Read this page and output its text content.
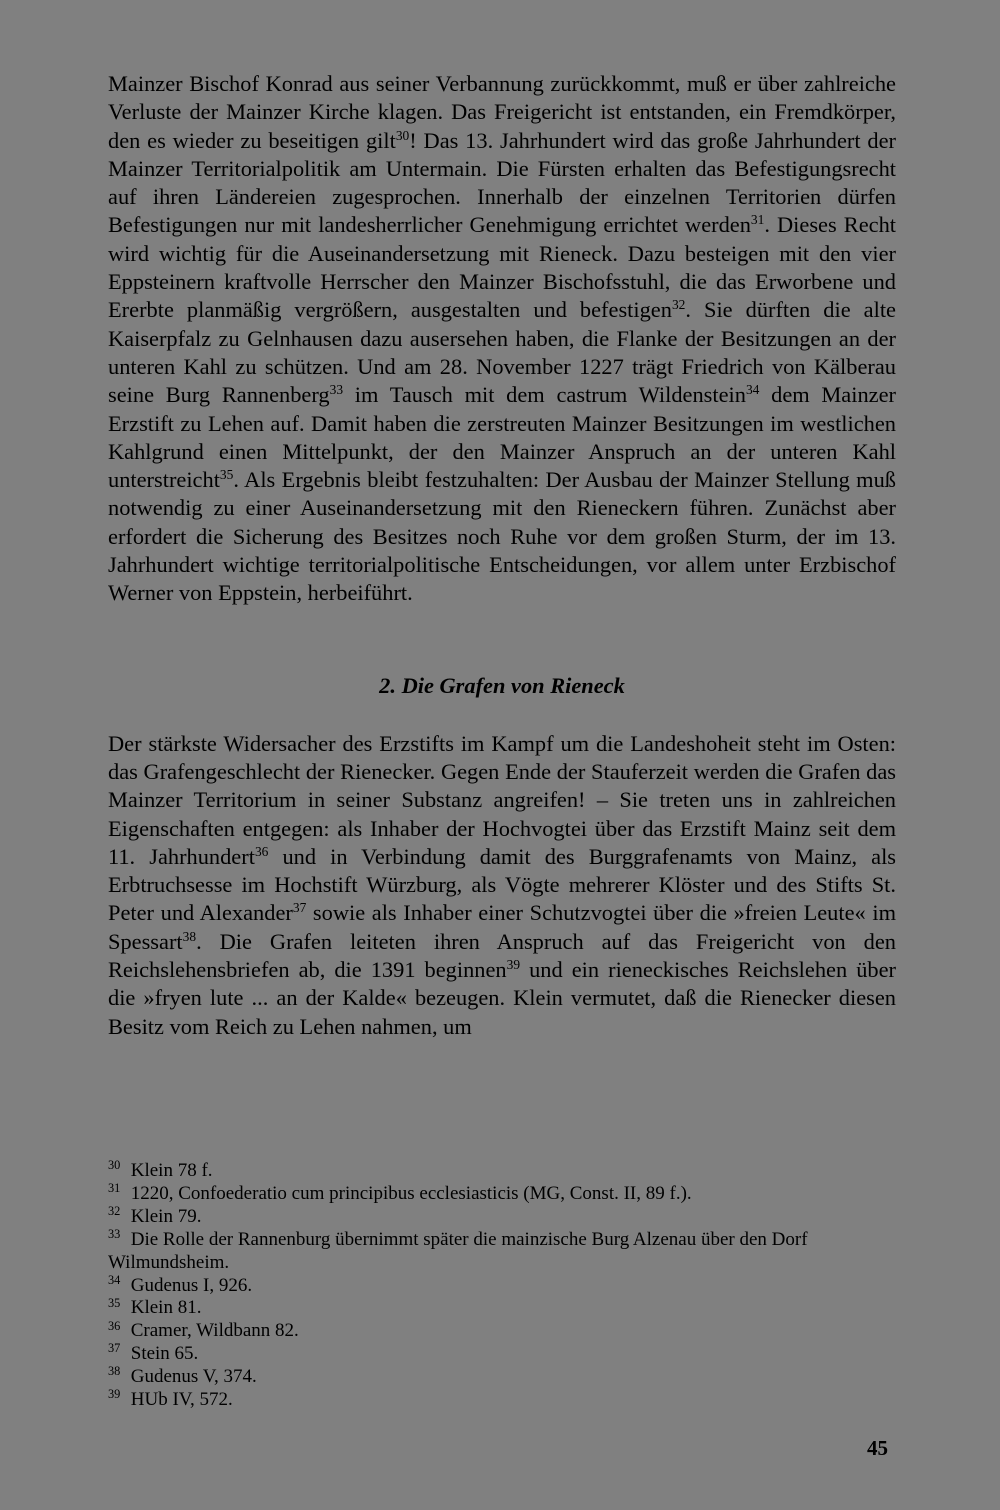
Mainzer Bischof Konrad aus seiner Verbannung zurückkommt, muß er über zahlreiche Verluste der Mainzer Kirche klagen. Das Freigericht ist entstanden, ein Fremdkörper, den es wieder zu beseitigen gilt$^{30}$! Das 13. Jahrhundert wird das große Jahrhundert der Mainzer Territorialpolitik am Untermain. Die Fürsten erhalten das Befestigungsrecht auf ihren Ländereien zugesprochen. Innerhalb der einzelnen Territorien dürfen Befestigungen nur mit landesherrlicher Genehmigung errichtet werden$^{31}$. Dieses Recht wird wichtig für die Auseinandersetzung mit Rieneck. Dazu besteigen mit den vier Eppsteinern kraftvolle Herrscher den Mainzer Bischofsstuhl, die das Erworbene und Ererbte planmäßig vergrößern, ausgestalten und befestigen$^{32}$. Sie dürften die alte Kaiserpfalz zu Gelnhausen dazu ausersehen haben, die Flanke der Besitzungen an der unteren Kahl zu schützen. Und am 28. November 1227 trägt Friedrich von Kälberau seine Burg Rannenberg$^{33}$ im Tausch mit dem castrum Wildenstein$^{34}$ dem Mainzer Erzstift zu Lehen auf. Damit haben die zerstreuten Mainzer Besitzungen im westlichen Kahlgrund einen Mittelpunkt, der den Mainzer Anspruch an der unteren Kahl unterstreicht$^{35}$. Als Ergebnis bleibt festzuhalten: Der Ausbau der Mainzer Stellung muß notwendig zu einer Auseinandersetzung mit den Rieneckern führen. Zunächst aber erfordert die Sicherung des Besitzes noch Ruhe vor dem großen Sturm, der im 13. Jahrhundert wichtige territorialpolitische Entscheidungen, vor allem unter Erzbischof Werner von Eppstein, herbeiführt.

2. Die Grafen von Rieneck

Der stärkste Widersacher des Erzstifts im Kampf um die Landeshoheit steht im Osten: das Grafengeschlecht der Rienecker. Gegen Ende der Stauferzeit werden die Grafen das Mainzer Territorium in seiner Substanz angreifen! – Sie treten uns in zahlreichen Eigenschaften entgegen: als Inhaber der Hochvogtei über das Erzstift Mainz seit dem 11. Jahrhundert$^{36}$ und in Verbindung damit des Burggrafenamts von Mainz, als Erbtruchsesse im Hochstift Würzburg, als Vögte mehrerer Klöster und des Stifts St. Peter und Alexander$^{37}$ sowie als Inhaber einer Schutzvogtei über die »freien Leute« im Spessart$^{38}$. Die Grafen leiteten ihren Anspruch auf das Freigericht von den Reichslehensbriefen ab, die 1391 beginnen$^{39}$ und ein rieneckisches Reichslehen über die »fryen lute ... an der Kalde« bezeugen. Klein vermutet, daß die Rienecker diesen Besitz vom Reich zu Lehen nahmen, um

30 Klein 78 f.

31 1220, Confoederatio cum principibus ecclesiasticis (MG, Const. II, 89 f.).

32 Klein 79.

33 Die Rolle der Rannenburg übernimmt später die mainzische Burg Alzenau über den Dorf Wilmundsheim.

34 Gudenus I, 926.

35 Klein 81.

36 Cramer, Wildbann 82.

37 Stein 65.

38 Gudenus V, 374.

39 HUb IV, 572.

45
